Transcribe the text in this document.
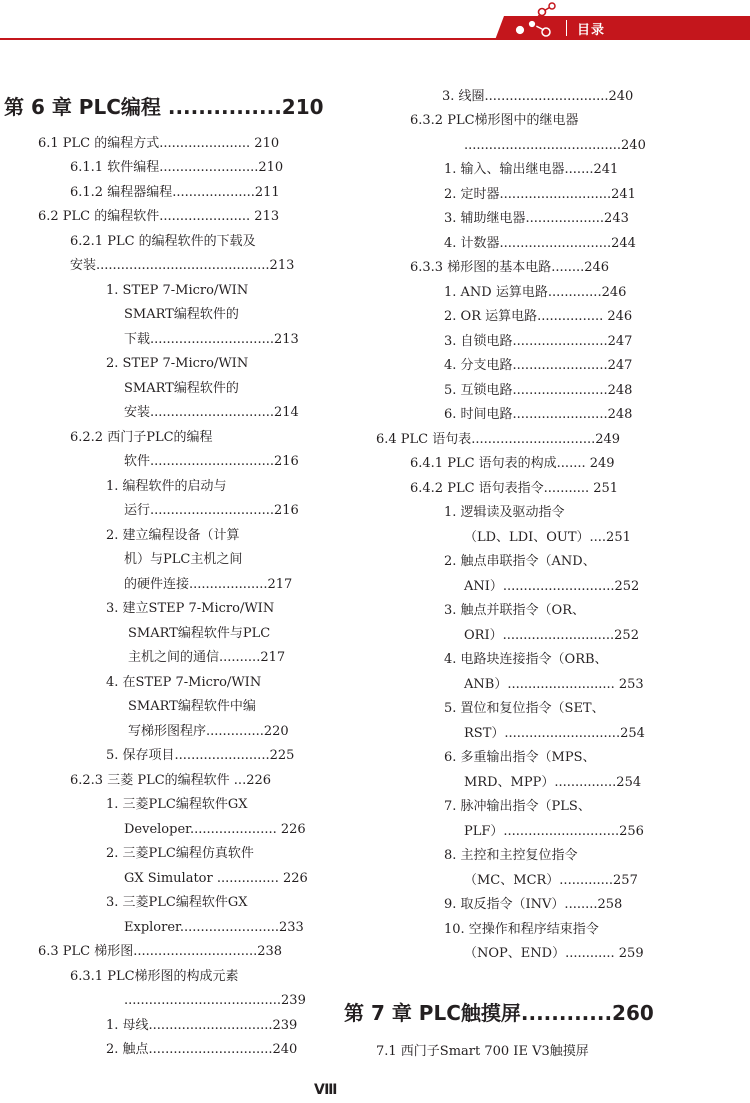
目录
第 6 章 PLC编程 ...............210
6.1 PLC 的编程方式...................... 210
6.1.1 软件编程........................210
6.1.2 编程器编程....................211
6.2 PLC 的编程软件...................... 213
6.2.1 PLC 的编程软件的下载及
安装..........................................213
1. STEP 7-Micro/WIN
SMART编程软件的
下载..............................213
2. STEP 7-Micro/WIN
SMART编程软件的
安装..............................214
6.2.2 西门子PLC的编程
软件..............................216
1. 编程软件的启动与
运行..............................216
2. 建立编程设备（计算
机）与PLC主机之间
的硬件连接...................217
3. 建立STEP 7-Micro/WIN
SMART编程软件与PLC
主机之间的通信..........217
4. 在STEP 7-Micro/WIN
SMART编程软件中编
写梯形图程序..............220
5. 保存项目.......................225
6.2.3 三菱 PLC的编程软件 ...226
1. 三菱PLC编程软件GX
Developer..................... 226
2. 三菱PLC编程仿真软件
GX Simulator ............... 226
3. 三菱PLC编程软件GX
Explorer........................233
6.3 PLC 梯形图..............................238
6.3.1 PLC梯形图的构成元素
......................................239
1. 母线..............................239
2. 触点..............................240
3. 线圈..............................240
6.3.2 PLC梯形图中的继电器
......................................240
1. 输入、输出继电器.......241
2. 定时器...........................241
3. 辅助继电器...................243
4. 计数器...........................244
6.3.3 梯形图的基本电路........246
1. AND 运算电路.............246
2. OR 运算电路................ 246
3. 自锁电路.......................247
4. 分支电路.......................247
5. 互锁电路.......................248
6. 时间电路.......................248
6.4 PLC 语句表..............................249
6.4.1 PLC 语句表的构成....... 249
6.4.2 PLC 语句表指令........... 251
1. 逻辑读及驱动指令
（LD、LDI、OUT）....251
2. 触点串联指令（AND、
ANI）...........................252
3. 触点并联指令（OR、
ORI）...........................252
4. 电路块连接指令（ORB、
ANB）.......................... 253
5. 置位和复位指令（SET、
RST）............................254
6. 多重输出指令（MPS、
MRD、MPP）...............254
7. 脉冲输出指令（PLS、
PLF）............................256
8. 主控和主控复位指令
（MC、MCR）.............257
9. 取反指令（INV）........258
10. 空操作和程序结束指令
（NOP、END）............ 259
第 7 章 PLC触摸屏............260
7.1 西门子Smart 700 IE V3触摸屏
Ⅷ
